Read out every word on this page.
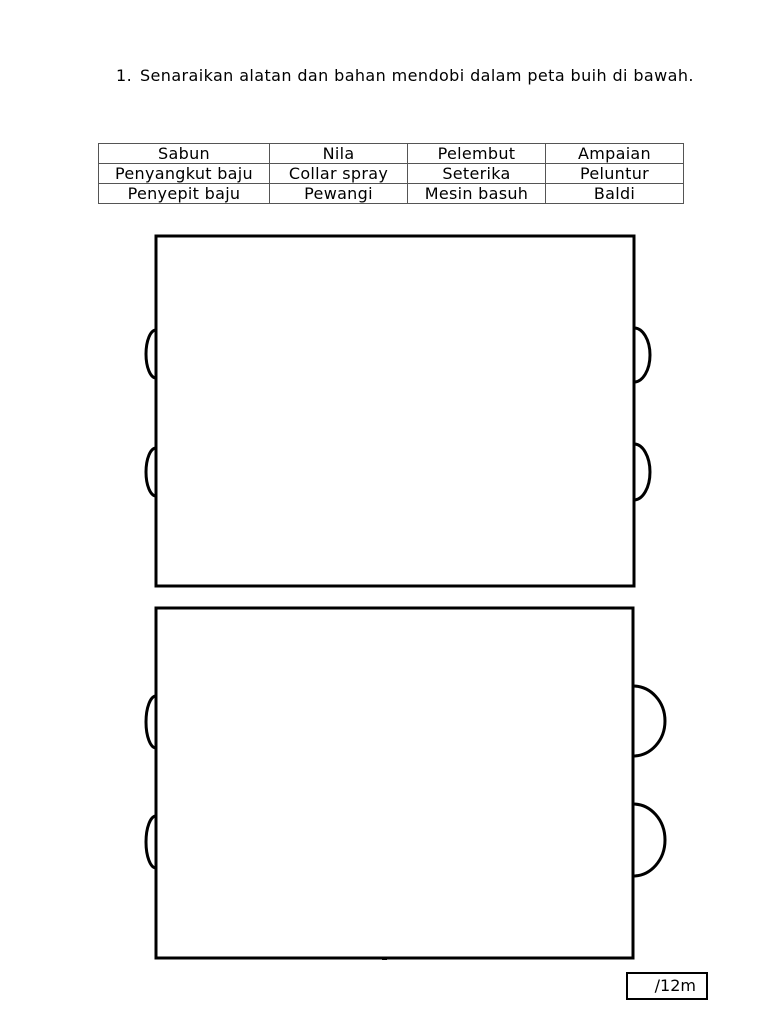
1. Senaraikan alatan dan bahan mendobi dalam peta buih di bawah.
Sabun	Nila	Pelembut	Ampaian
Penyangkut baju	Collar spray	Seterika	Peluntur
Penyepit baju	Pewangi	Mesin basuh	Baldi
/12m
